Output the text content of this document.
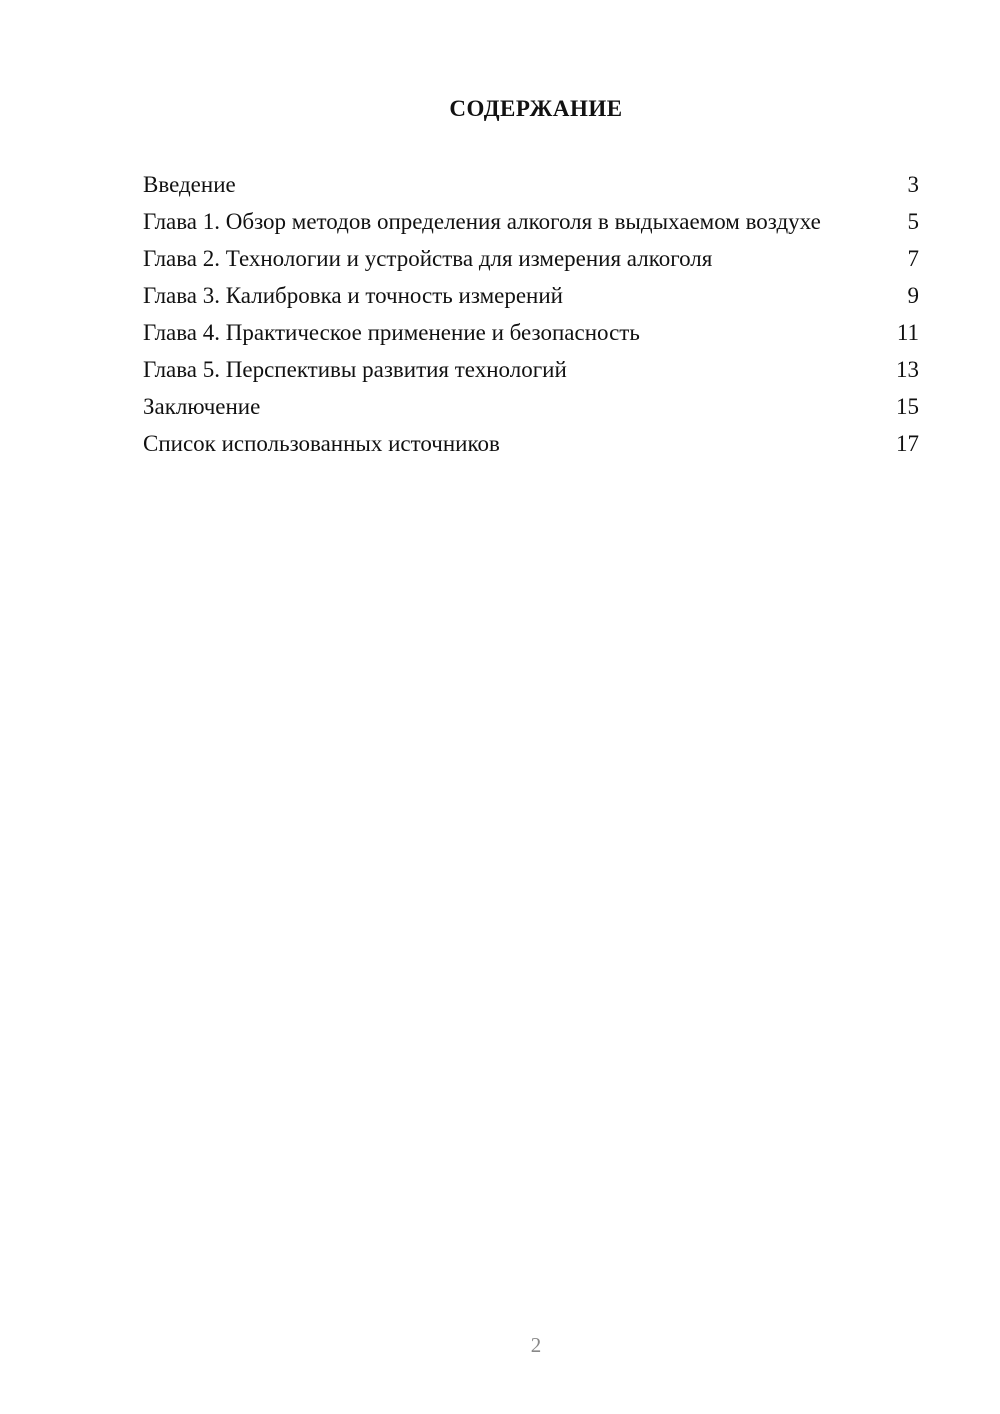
СОДЕРЖАНИЕ
Введение	3
Глава 1. Обзор методов определения алкоголя в выдыхаемом воздухе	5
Глава 2. Технологии и устройства для измерения алкоголя	7
Глава 3. Калибровка и точность измерений	9
Глава 4. Практическое применение и безопасность	11
Глава 5. Перспективы развития технологий	13
Заключение	15
Список использованных источников	17
2
